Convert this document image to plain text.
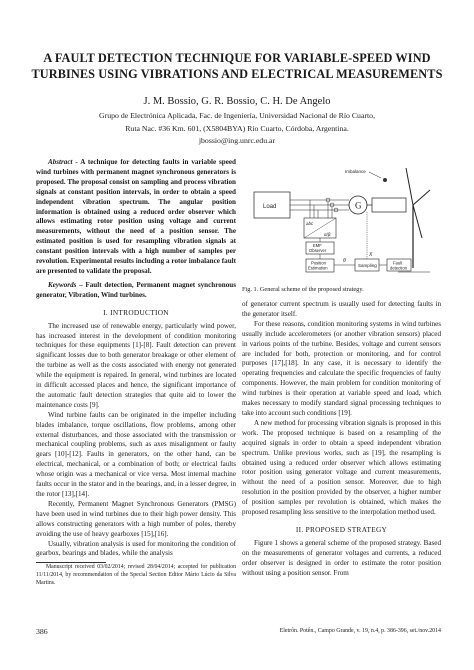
A FAULT DETECTION TECHNIQUE FOR VARIABLE-SPEED WIND
TURBINES USING VIBRATIONS AND ELECTRICAL MEASUREMENTS
J. M. Bossio, G. R. Bossio, C. H. De Angelo
Grupo de Electrónica Aplicada, Fac. de Ingeniería, Universidad Nacional de Río Cuarto,
Ruta Nac. #36 Km. 601, (X5804BYA) Río Cuarto, Córdoba, Argentina.
jbossio@ing.unrc.edu.ar

Abstract - A technique for detecting faults in variable speed wind turbines with permanent magnet synchronous generators is proposed. The proposal consist on sampling and process vibration signals at constant position intervals, in order to obtain a speed independent vibration spectrum. The angular position information is obtained using a reduced order observer which allows estimating rotor position using voltage and current measurements, without the need of a position sensor. The estimated position is used for resampling vibration signals at constant position intervals with a high number of samples per revolution. Experimental results including a rotor imbalance fault are presented to validate the proposal.

Keywords – Fault detection, Permanent magnet synchronous generator, Vibration, Wind turbines.

I. INTRODUCTION

The increased use of renewable energy, particularly wind power, has increased interest in the development of condition monitoring techniques for these equipments [1]-[8]. Fault detection can prevent significant losses due to both generator breakage or other element of the turbine as well as the costs associated with energy not generated while the equipment is repaired. In general, wind turbines are located in difficult accessed places and hence, the significant importance of the automatic fault detection strategies that quite aid to lower the maintenance costs [9].

Wind turbine faults can be originated in the impeller including blades imbalance, torque oscillations, flow problems, among other external disturbances, and those associated with the transmission or mechanical coupling problems, such as axes misalignment or faulty gears [10]-[12]. Faults in generators, on the other hand, can be electrical, mechanical, or a combination of both; or electrical faults whose origin was a mechanical or vice versa. Most internal machine faults occur in the stator and in the bearings, and, in a lesser degree, in the rotor [13],[14].

Recently, Permanent Magnet Synchronous Generators (PMSG) have been used in wind turbines due to their high power density. This allows constructing generators with a high number of poles, thereby avoiding the use of heavy gearboxes [15],[16].

Usually, vibration analysis is used for monitoring the condition of gearbox, bearings and blades, while the analysis

Manuscript received 03/02/2014; revised 28/04/2014; accepted for publication 11/11/2014, by recommendation of the Special Section Editor Mário Lúcio da Silva Martins.

Imbalance
G
Load
abc
α/β
EMF Observer
Position Estimation
θ
Sampling
X
Fault detection
Fig. 1. General scheme of the proposed strategy.

of generator current spectrum is usually used for detecting faults in the generator itself.

For these reasons, condition monitoring systems in wind turbines usually include accelerometers (or another vibration sensors) placed in various points of the turbine. Besides, voltage and current sensors are included for both, protection or monitoring, and for control purposes [17],[18]. In any case, it is necessary to identify the operating frequencies and calculate the specific frequencies of faulty components. However, the main problem for condition monitoring of wind turbines is their operation at variable speed and load, which makes necessary to modify standard signal processing techniques to take into account such conditions [19].

A new method for processing vibration signals is proposed in this work. The proposed technique is based on a resampling of the acquired signals in order to obtain a speed independent vibration spectrum. Unlike previous works, such as [19], the resampling is obtained using a reduced order observer which allows estimating rotor position using generator voltage and current measurements, without the need of a position sensor. Moreover, due to high resolution in the position provided by the observer, a higher number of position samples per revolution is obtained, which makes the proposed resampling less sensitive to the interpolation method used.

II. PROPOSED STRATEGY

Figure 1 shows a general scheme of the proposed strategy. Based on the measurements of generator voltages and currents, a reduced order observer is designed in order to estimate the rotor position without using a position sensor. From

386	Eletrôn. Potên., Campo Grande, v. 19, n.4, p. 386-396, set./nov.2014
